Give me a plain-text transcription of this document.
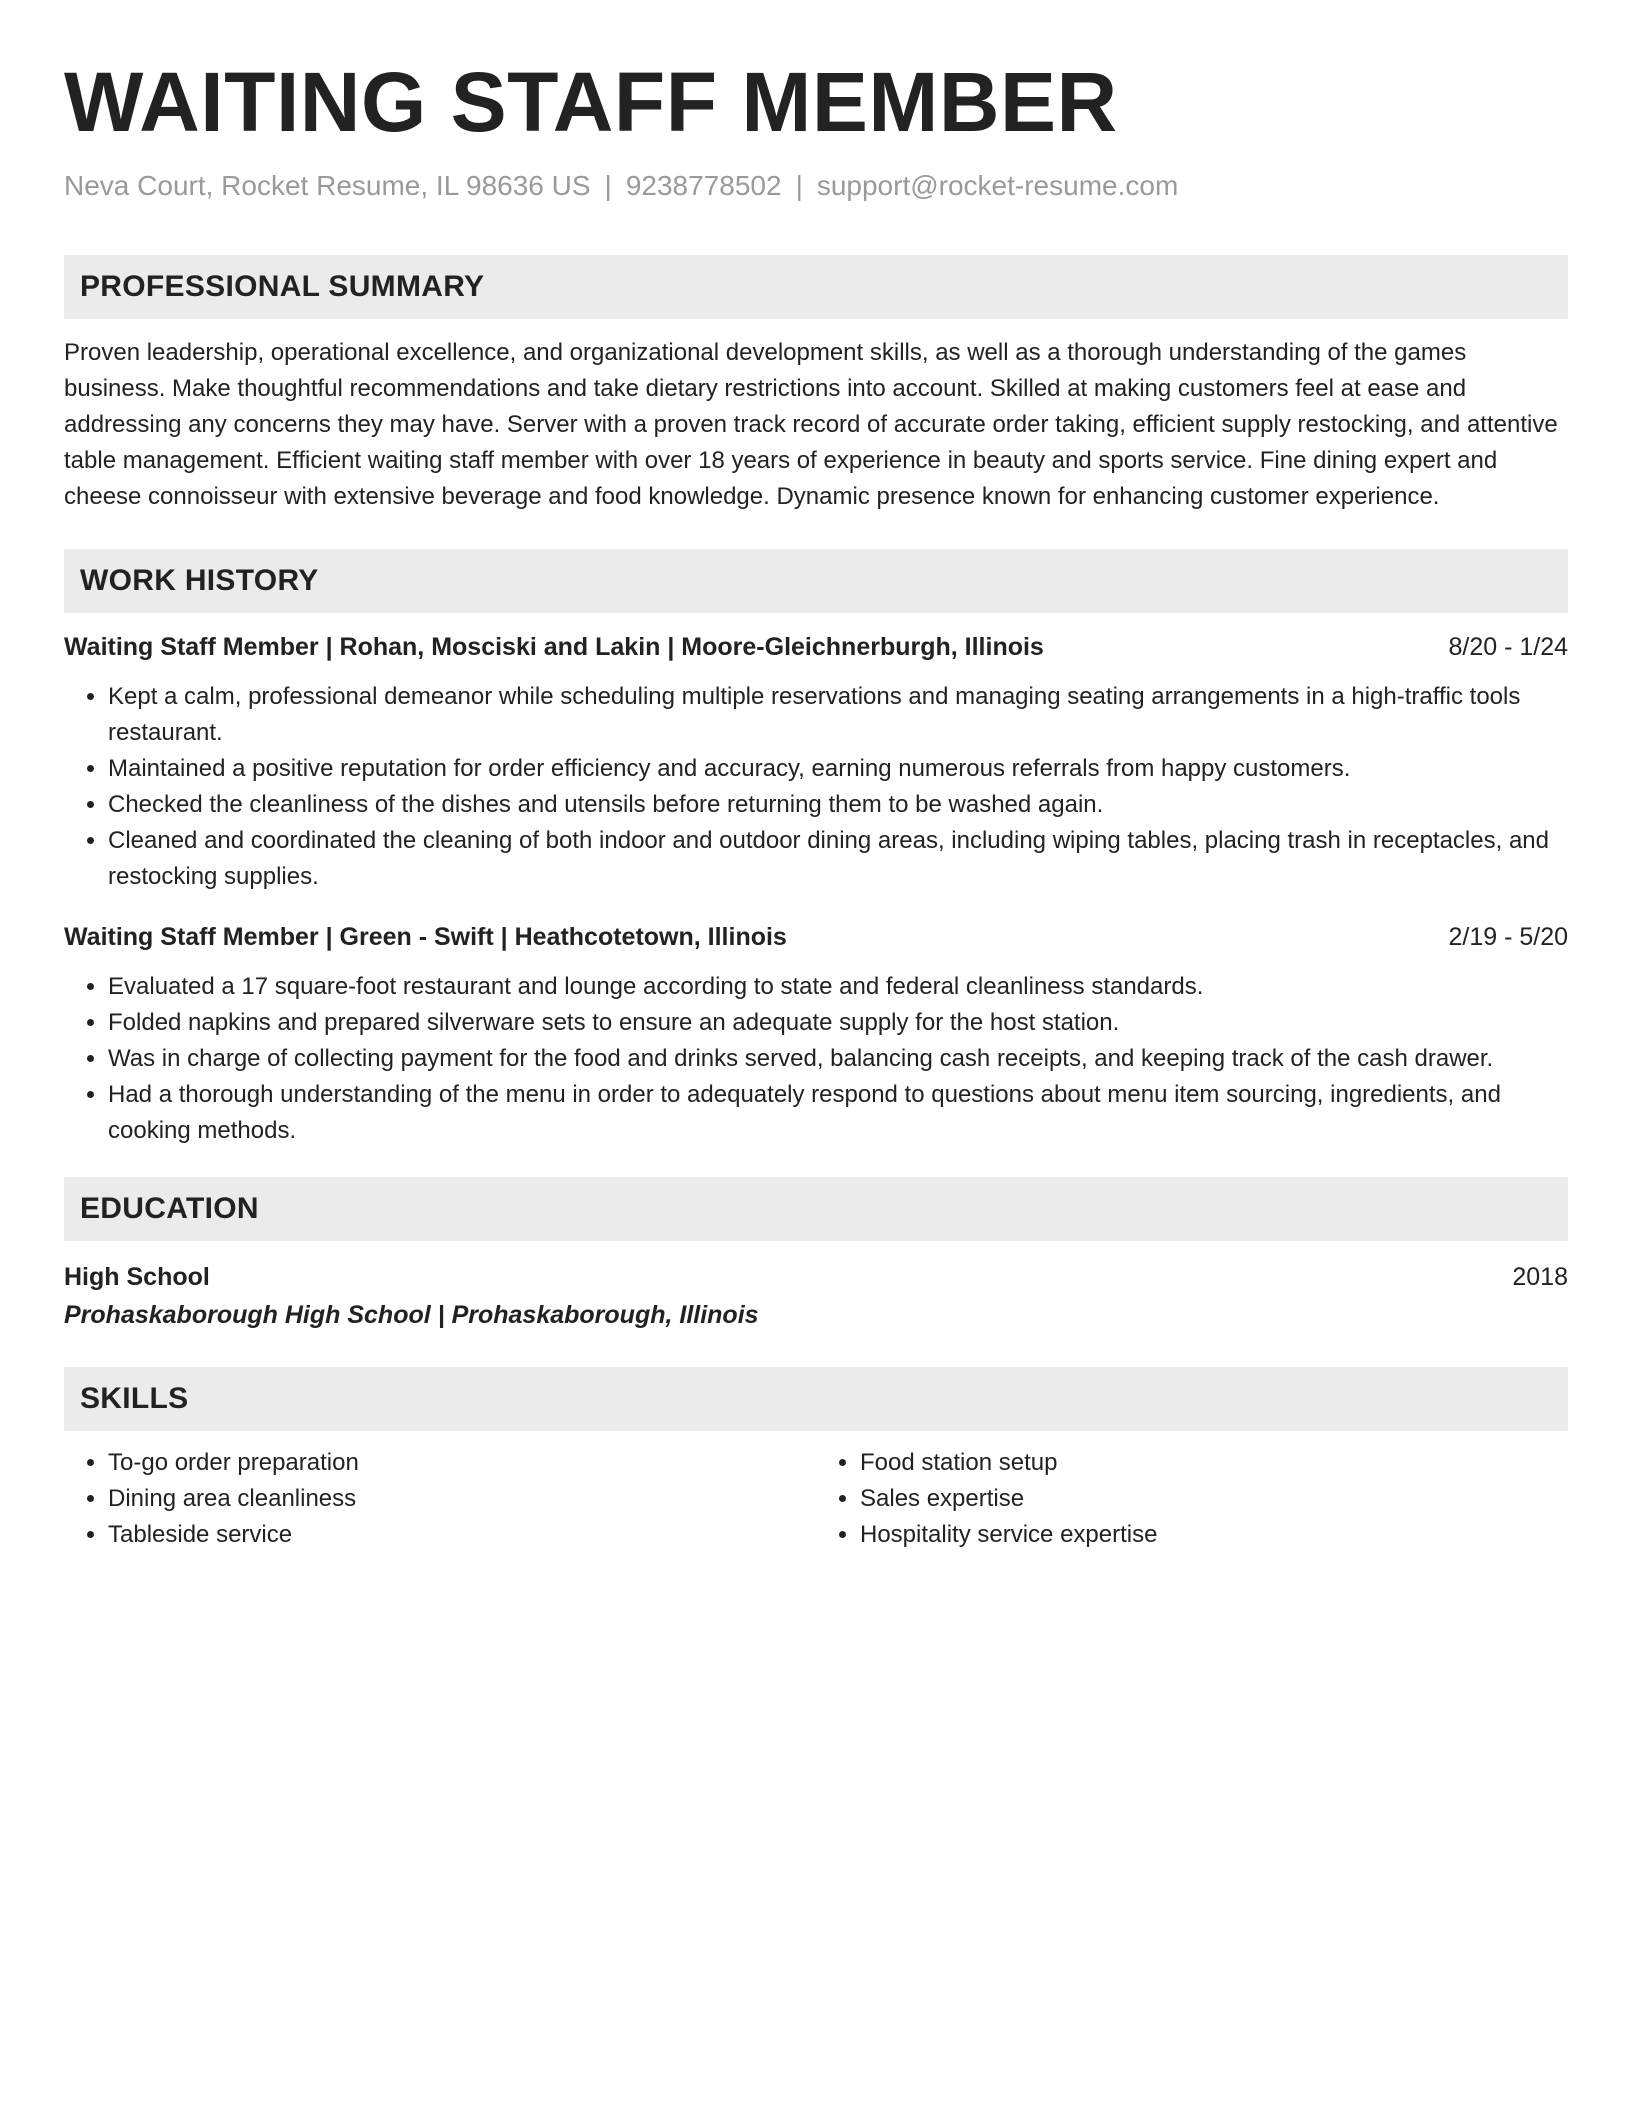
WAITING STAFF MEMBER
Neva Court, Rocket Resume, IL 98636 US | 9238778502 | support@rocket-resume.com
PROFESSIONAL SUMMARY

Proven leadership, operational excellence, and organizational development skills, as well as a thorough understanding of the games business. Make thoughtful recommendations and take dietary restrictions into account. Skilled at making customers feel at ease and addressing any concerns they may have. Server with a proven track record of accurate order taking, efficient supply restocking, and attentive table management. Efficient waiting staff member with over 18 years of experience in beauty and sports service. Fine dining expert and cheese connoisseur with extensive beverage and food knowledge. Dynamic presence known for enhancing customer experience.

WORK HISTORY
Waiting Staff Member | Rohan, Mosciski and Lakin | Moore-Gleichnerburgh, Illinois	8/20 - 1/24
• Kept a calm, professional demeanor while scheduling multiple reservations and managing seating arrangements in a high-traffic tools restaurant.
• Maintained a positive reputation for order efficiency and accuracy, earning numerous referrals from happy customers.
• Checked the cleanliness of the dishes and utensils before returning them to be washed again.
• Cleaned and coordinated the cleaning of both indoor and outdoor dining areas, including wiping tables, placing trash in receptacles, and restocking supplies.
Waiting Staff Member | Green - Swift | Heathcotetown, Illinois	2/19 - 5/20
• Evaluated a 17 square-foot restaurant and lounge according to state and federal cleanliness standards.
• Folded napkins and prepared silverware sets to ensure an adequate supply for the host station.
• Was in charge of collecting payment for the food and drinks served, balancing cash receipts, and keeping track of the cash drawer.
• Had a thorough understanding of the menu in order to adequately respond to questions about menu item sourcing, ingredients, and cooking methods.
EDUCATION
High School	2018
Prohaskaborough High School | Prohaskaborough, Illinois
SKILLS
• To-go order preparation
• Dining area cleanliness
• Tableside service
• Food station setup
• Sales expertise
• Hospitality service expertise
